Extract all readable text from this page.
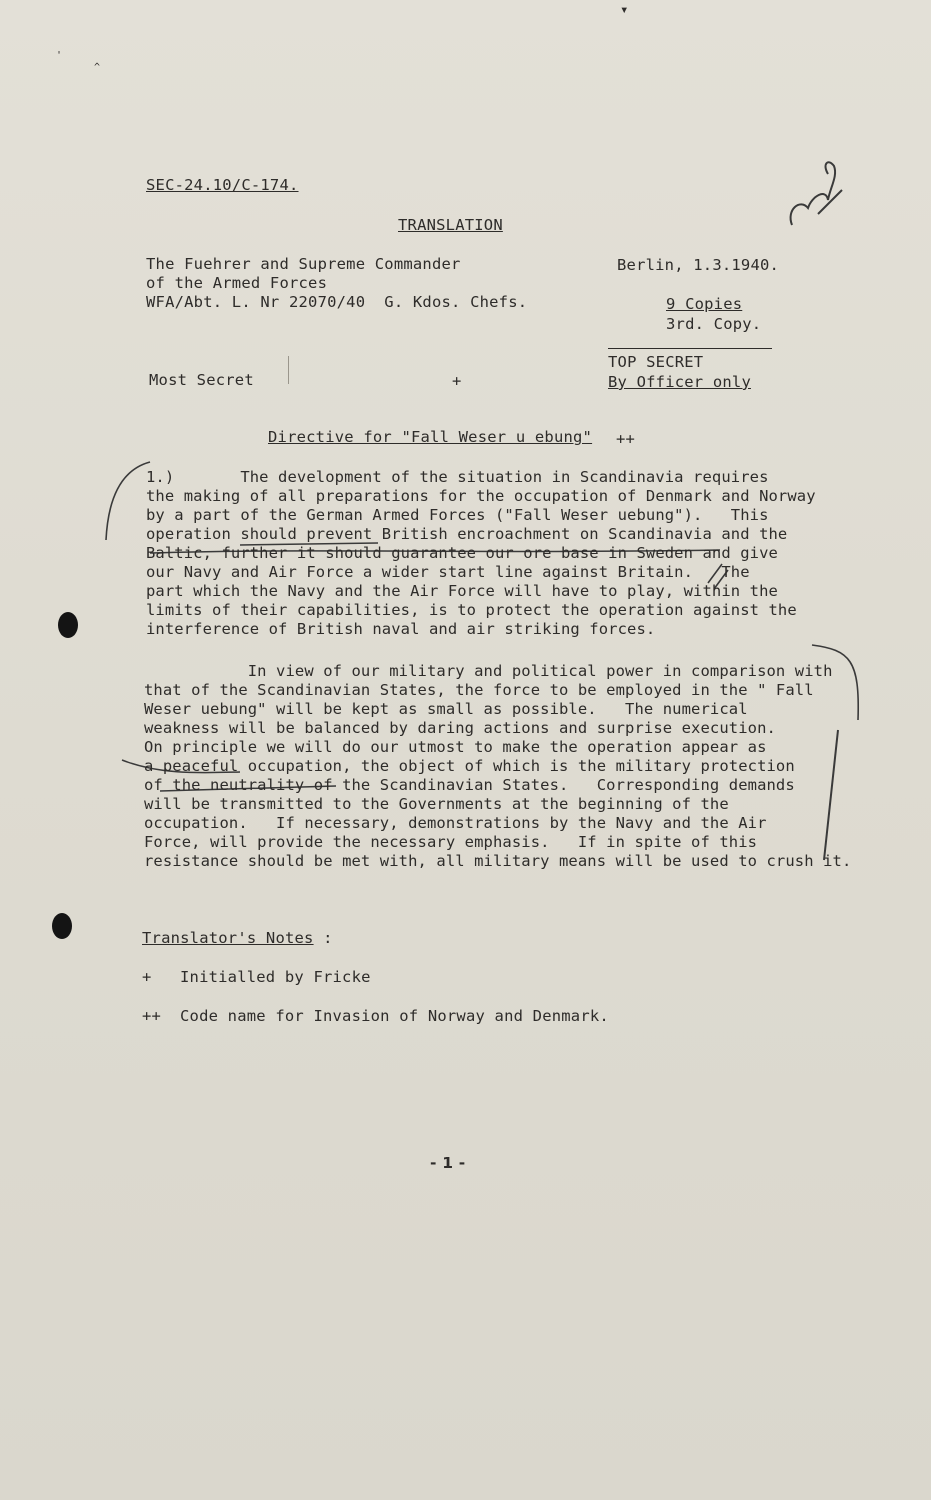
▾
'
^
SEC-24.10/C-174.
TRANSLATION
The Fuehrer and Supreme Commander
of the Armed Forces
WFA/Abt. L. Nr 22070/40  G. Kdos. Chefs.
Berlin, 1.3.1940.
9 Copies
3rd. Copy.
TOP SECRET
By Officer only
Most Secret	+
Directive for "Fall Weser u ebung" ++
1.)       The development of the situation in Scandinavia requires
the making of all preparations for the occupation of Denmark and Norway
by a part of the German Armed Forces ("Fall Weser uebung").   This
operation should prevent British encroachment on Scandinavia and the
Baltic, further it should guarantee our ore base in Sweden and give
our Navy and Air Force a wider start line against Britain.   The
part which the Navy and the Air Force will have to play, within the
limits of their capabilities, is to protect the operation against the
interference of British naval and air striking forces.
In view of our military and political power in comparison with
that of the Scandinavian States, the force to be employed in the " Fall
Weser uebung" will be kept as small as possible.   The numerical
weakness will be balanced by daring actions and surprise execution.
On principle we will do our utmost to make the operation appear as
a peaceful occupation, the object of which is the military protection
of the neutrality of the Scandinavian States.   Corresponding demands
will be transmitted to the Governments at the beginning of the
occupation.   If necessary, demonstrations by the Navy and the Air
Force, will provide the necessary emphasis.   If in spite of this
resistance should be met with, all military means will be used to crush it.
Translator's Notes :
+ Initialled by Fricke
++ Code name for Invasion of Norway and Denmark.
- 1 -
